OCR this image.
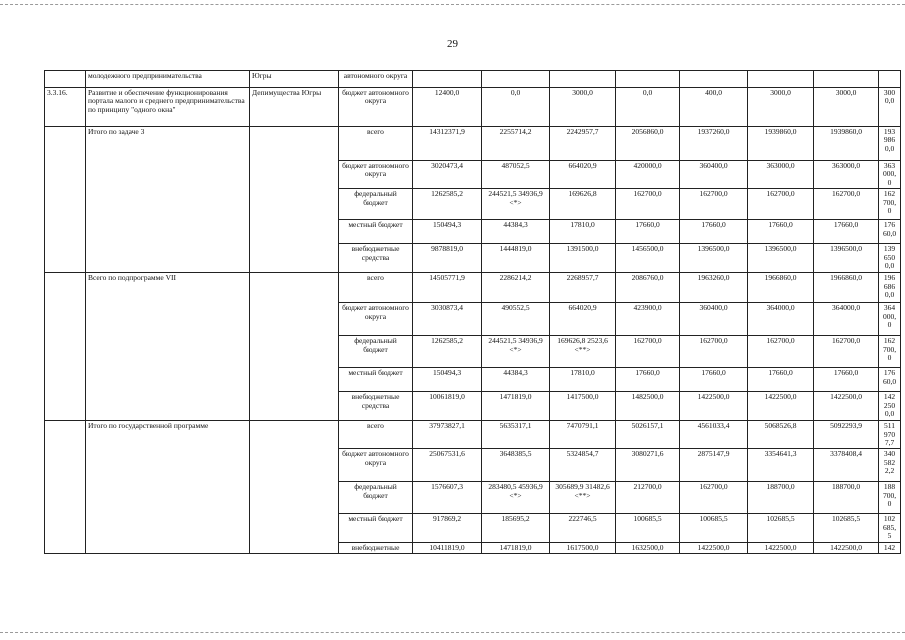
29
	молодежного предпринимательства	Югры	автономного округа								
3.3.16.	Развитие и обеспечение функционирования портала малого и среднего предпринимательства по принципу "одного окна"	Депимущества Югры	бюджет автономного округа	12400,0	0,0	3000,0	0,0	400,0	3000,0	3000,0	300 0,0
	Итого по задаче 3		всего	14312371,9	2255714,2	2242957,7	2056860,0	1937260,0	1939860,0	1939860,0	193 986 0,0
			бюджет автономного округа	3020473,4	487052,5	664020,9	420000,0	360400,0	363000,0	363000,0	363 000, 0
			федеральный бюджет	1262585,2	244521,5 34936,9 <*>	169626,8	162700,0	162700,0	162700,0	162700,0	162 700, 0
			местный бюджет	150494,3	44384,3	17810,0	17660,0	17660,0	17660,0	17660,0	176 60,0
			внебюджетные средства	9878819,0	1444819,0	1391500,0	1456500,0	1396500,0	1396500,0	1396500,0	139 650 0,0
	Всего по подпрограмме VII		всего	14505771,9	2286214,2	2268957,7	2086760,0	1963260,0	1966860,0	1966860,0	196 686 0,0
			бюджет автономного округа	3030873,4	490552,5	664020,9	423900,0	360400,0	364000,0	364000,0	364 000, 0
			федеральный бюджет	1262585,2	244521,5 34936,9 <*>	169626,8 2523,6 <**>	162700,0	162700,0	162700,0	162700,0	162 700, 0
			местный бюджет	150494,3	44384,3	17810,0	17660,0	17660,0	17660,0	17660,0	176 60,0
			внебюджетные средства	10061819,0	1471819,0	1417500,0	1482500,0	1422500,0	1422500,0	1422500,0	142 250 0,0
	Итого по государственной программе		всего	37973827,1	5635317,1	7470791,1	5026157,1	4561033,4	5068526,8	5092293,9	511 970 7,7
			бюджет автономного округа	25067531,6	3648385,5	5324854,7	3080271,6	2875147,9	3354641,3	3378408,4	340 582 2,2
			федеральный бюджет	1576607,3	283480,5 45936,9 <*>	305689,9 31482,6 <**>	212700,0	162700,0	188700,0	188700,0	188 700, 0
			местный бюджет	917869,2	185695,2	222746,5	100685,5	100685,5	102685,5	102685,5	102 685, 5
			внебюджетные	10411819,0	1471819,0	1617500,0	1632500,0	1422500,0	1422500,0	1422500,0	142
